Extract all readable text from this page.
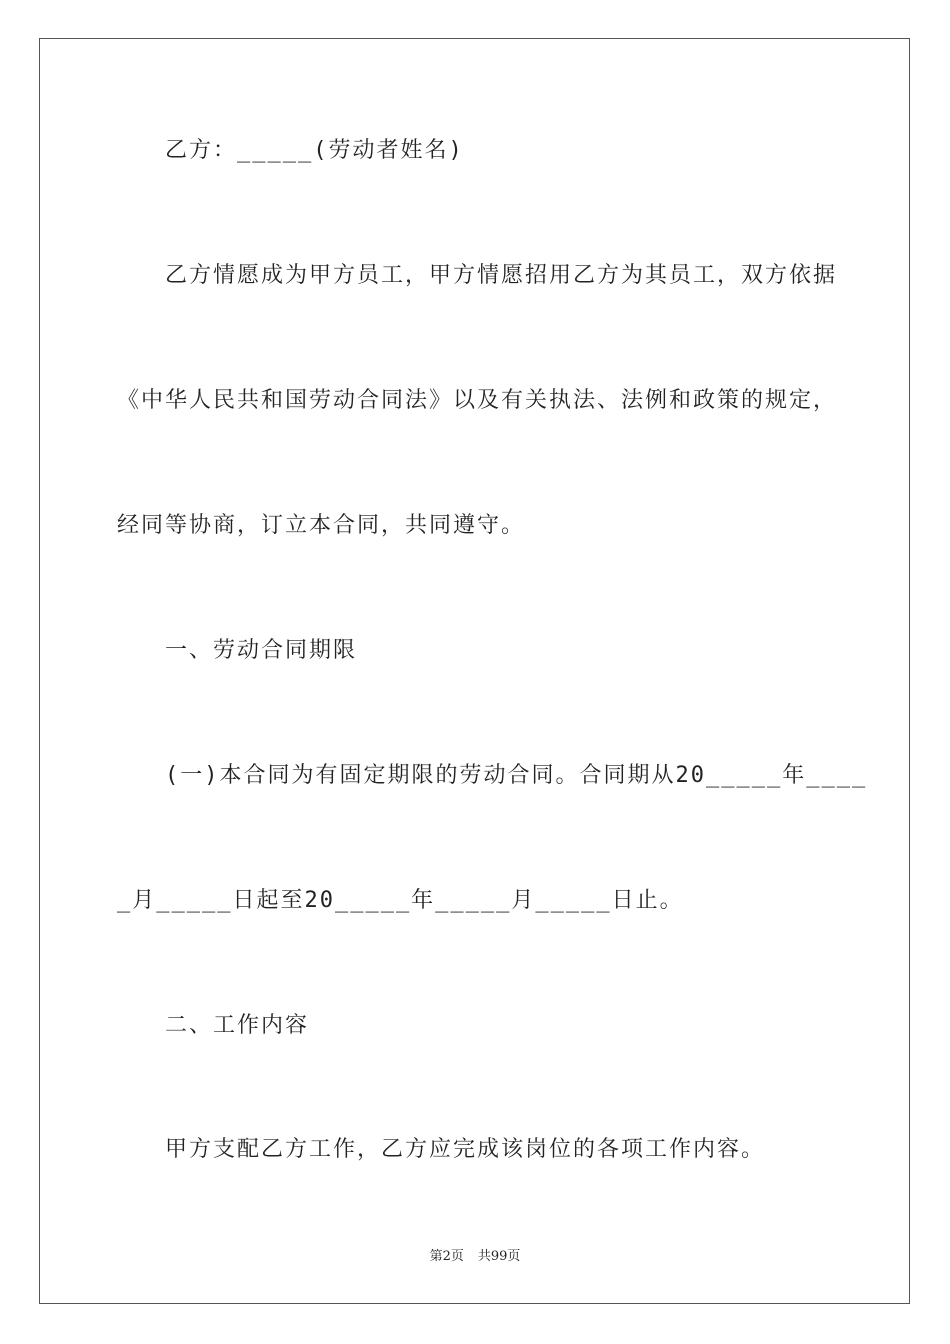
乙方：_____(劳动者姓名)

乙方情愿成为甲方员工，甲方情愿招用乙方为其员工，双方依据

《中华人民共和国劳动合同法》以及有关执法、法例和政策的规定，

经同等协商，订立本合同，共同遵守。

一、劳动合同期限

(一)本合同为有固定期限的劳动合同。合同期从20_____年____

_月_____日起至20_____年_____月_____日止。

二、工作内容

甲方支配乙方工作，乙方应完成该岗位的各项工作内容。

第2页 共99页
